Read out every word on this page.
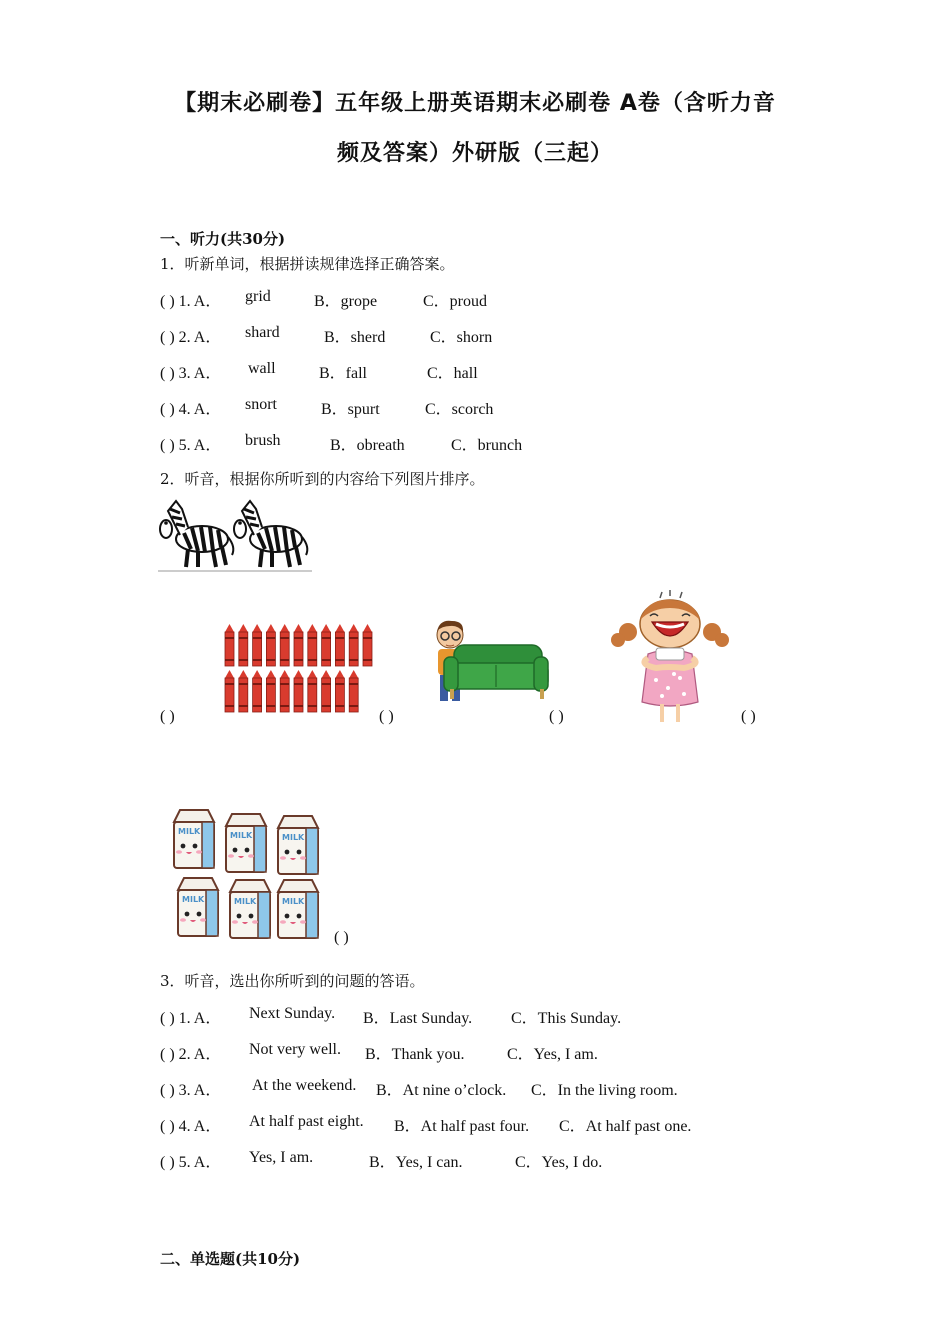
【期末必刷卷】五年级上册英语期末必刷卷 A卷（含听力音
频及答案）外研版（三起）
一、听力(共30分)
1．听新单词，根据拼读规律选择正确答案。
( ) 1. A． grid	B．grope	C．proud
( ) 2. A． shard	B．sherd	C．shorn
( ) 3. A． wall	B．fall	C．hall
( ) 4. A． snort	B．spurt	C．scorch
( ) 5. A． brush	B．obreath	C．brunch
2．听音，根据你所听到的内容给下列图片排序。
( )	( )	( )	( )
MILK	MILK	MILK
MILK	MILK	MILK
( )
3．听音，选出你所听到的问题的答语。
( ) 1. A． Next Sunday. B．Last Sunday. C．This Sunday.
( ) 2. A． Not very well. B．Thank you.	C．Yes, I am.
( ) 3. A． At the weekend. B．At nine o’clock. C．In the living room.
( ) 4. A． At half past eight. B．At half past four. C．At half past one.
( ) 5. A． Yes, I am.	B．Yes, I can.	C．Yes, I do.
二、单选题(共10分)
